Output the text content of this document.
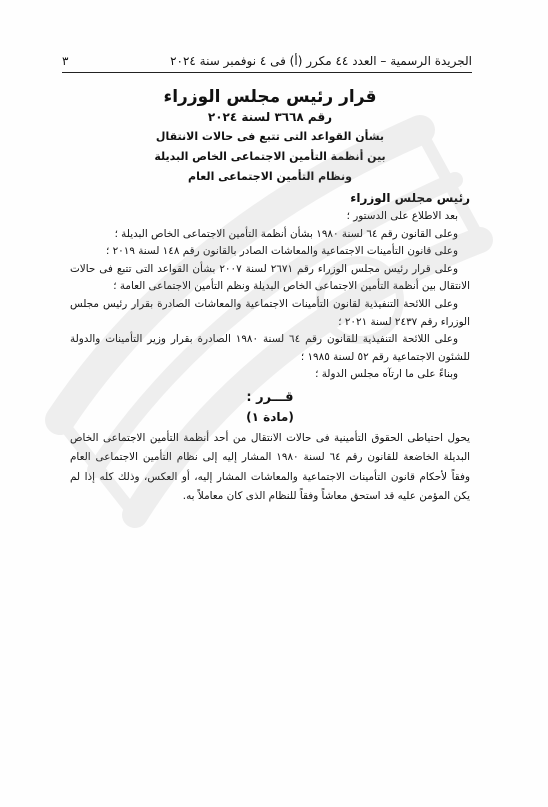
الجريدة الرسمية – العدد ٤٤ مكرر (أ) فى ٤ نوفمبر سنة ٢٠٢٤
٣
قرار رئيس مجلس الوزراء
رقم ٣٦٦٨ لسنة ٢٠٢٤
بشأن القواعد التى تتبع فى حالات الانتقال
بين أنظمة التأمين الاجتماعى الخاص البديلة
ونظام التأمين الاجتماعى العام
رئيس مجلس الوزراء
بعد الاطلاع على الدستور ؛
وعلى القانون رقم ٦٤ لسنة ١٩٨٠ بشأن أنظمة التأمين الاجتماعى الخاص البديلة ؛
وعلى قانون التأمينات الاجتماعية والمعاشات الصادر بالقانون رقم ١٤٨ لسنة ٢٠١٩ ؛
وعلى قرار رئيس مجلس الوزراء رقم ٢٦٧١ لسنة ٢٠٠٧ بشأن القواعد التى تتبع فى حالات الانتقال بين أنظمة التأمين الاجتماعى الخاص البديلة ونظم التأمين الاجتماعى العامة ؛
وعلى اللائحة التنفيذية لقانون التأمينات الاجتماعية والمعاشات الصادرة بقرار رئيس مجلس الوزراء رقم ٢٤٣٧ لسنة ٢٠٢١ ؛
وعلى اللائحة التنفيذية للقانون رقم ٦٤ لسنة ١٩٨٠ الصادرة بقرار وزير التأمينات والدولة للشئون الاجتماعية رقم ٥٢ لسنة ١٩٨٥ ؛
وبناءً على ما ارتآه مجلس الدولة ؛
قـــرر :
(مادة ١)
يحول احتياطى الحقوق التأمينية فى حالات الانتقال من أحد أنظمة التأمين الاجتماعى الخاص البديلة الخاضعة للقانون رقم ٦٤ لسنة ١٩٨٠ المشار إليه إلى نظام التأمين الاجتماعى العام وفقاً لأحكام قانون التأمينات الاجتماعية والمعاشات المشار إليه، أو العكس، وذلك كله إذا لم يكن المؤمن عليه قد استحق معاشاً وفقاً للنظام الذى كان معاملاً به.
